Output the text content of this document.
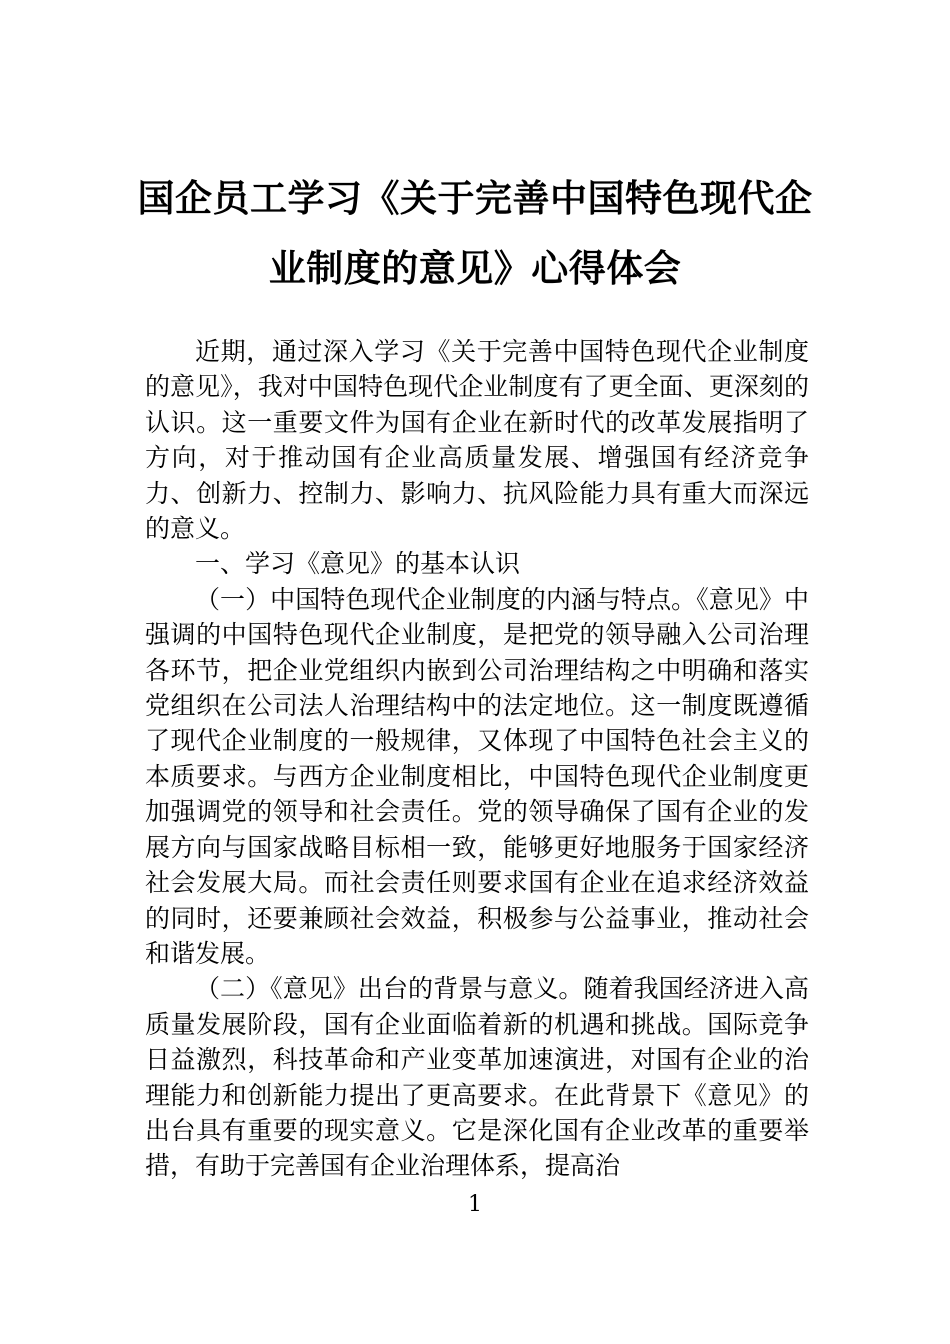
国企员工学习《关于完善中国特色现代企业制度的意见》心得体会

近期，通过深入学习《关于完善中国特色现代企业制度的意见》，我对中国特色现代企业制度有了更全面、更深刻的认识。这一重要文件为国有企业在新时代的改革发展指明了方向，对于推动国有企业高质量发展、增强国有经济竞争力、创新力、控制力、影响力、抗风险能力具有重大而深远的意义。

一、学习《意见》的基本认识

（一）中国特色现代企业制度的内涵与特点。《意见》中强调的中国特色现代企业制度，是把党的领导融入公司治理各环节，把企业党组织内嵌到公司治理结构之中明确和落实党组织在公司法人治理结构中的法定地位。这一制度既遵循了现代企业制度的一般规律，又体现了中国特色社会主义的本质要求。与西方企业制度相比，中国特色现代企业制度更加强调党的领导和社会责任。党的领导确保了国有企业的发展方向与国家战略目标相一致，能够更好地服务于国家经济社会发展大局。而社会责任则要求国有企业在追求经济效益的同时，还要兼顾社会效益，积极参与公益事业，推动社会和谐发展。

（二）《意见》出台的背景与意义。随着我国经济进入高质量发展阶段，国有企业面临着新的机遇和挑战。国际竞争日益激烈，科技革命和产业变革加速演进，对国有企业的治理能力和创新能力提出了更高要求。在此背景下《意见》的出台具有重要的现实意义。它是深化国有企业改革的重要举措，有助于完善国有企业治理体系，提高治

1
